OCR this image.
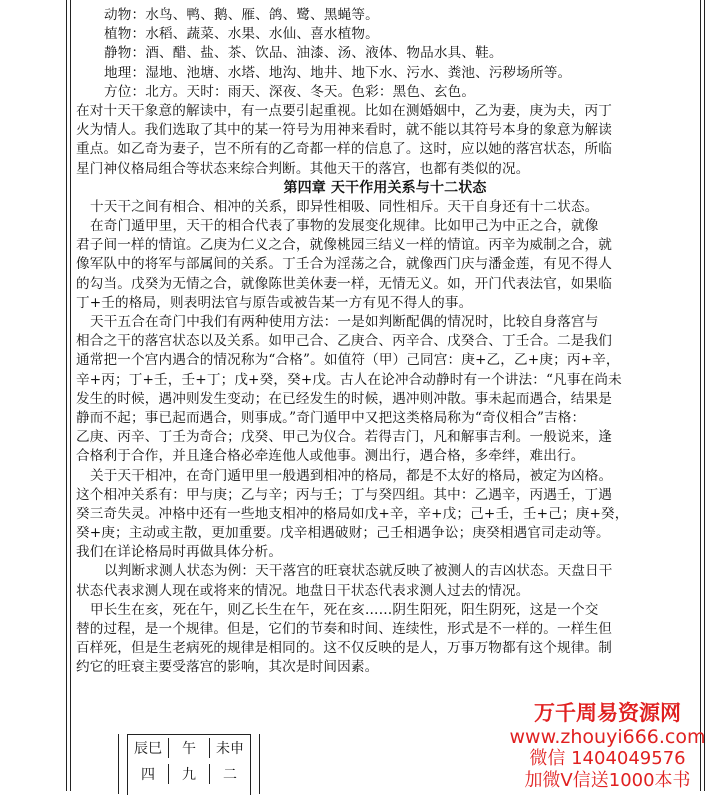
动物：水鸟、鸭、鹅、雁、鸽、鹭、黑蝇等。
植物：水稻、蔬菜、水果、水仙、喜水植物。
静物：酒、醋、盐、茶、饮品、油漆、汤、液体、物品水具、鞋。
地理：湿地、池塘、水塔、地沟、地井、地下水、污水、粪池、污秽场所等。
方位：北方。天时：雨天、深夜、冬天。色彩：黑色、玄色。
在对十天干象意的解读中，有一点要引起重视。比如在测婚姻中，乙为妻，庚为夫，丙丁
火为情人。我们选取了其中的某一符号为用神来看时，就不能以其符号本身的象意为解读
重点。如乙奇为妻子，岂不所有的乙奇都一样的信息了。这时，应以她的落宫状态，所临
星门神仪格局组合等状态来综合判断。其他天干的落宫，也都有类似的况。
第四章 天干作用关系与十二状态
十天干之间有相合、相冲的关系，即异性相吸、同性相斥。天干自身还有十二状态。
在奇门遁甲里，天干的相合代表了事物的发展变化规律。比如甲己为中正之合，就像
君子间一样的情谊。乙庚为仁义之合，就像桃园三结义一样的情谊。丙辛为威制之合，就
像军队中的将军与部属间的关系。丁壬合为淫荡之合，就像西门庆与潘金莲，有见不得人
的勾当。戊癸为无情之合，就像陈世美休妻一样，无情无义。如，开门代表法官，如果临
丁+壬的格局，则表明法官与原告或被告某一方有见不得人的事。
天干五合在奇门中我们有两种使用方法：一是如判断配偶的情况时，比较自身落宫与
相合之干的落宫状态以及关系。如甲己合、乙庚合、丙辛合、戊癸合、丁壬合。二是我们
通常把一个宫内遇合的情况称为“合格”。如值符（甲）己同宫：庚+乙，乙+庚；丙+辛，
辛+丙；丁+壬，壬+丁；戊+癸，癸+戊。古人在论冲合动静时有一个讲法：“凡事在尚未
发生的时候，遇冲则发生变动；在已经发生的时候，遇冲则冲散。事未起而遇合，结果是
静而不起；事已起而遇合，则事成。”奇门遁甲中又把这类格局称为“奇仪相合”吉格：
乙庚、丙辛、丁壬为奇合；戊癸、甲己为仪合。若得吉门，凡和解事吉利。一般说来，逢
合格利于合作，并且逢合格必牵连他人或他事。测出行，遇合格，多牵绊，难出行。
关于天干相冲，在奇门遁甲里一般遇到相冲的格局，都是不太好的格局，被定为凶格。
这个相冲关系有：甲与庚；乙与辛；丙与壬；丁与癸四组。其中：乙遇辛，丙遇壬，丁遇
癸三奇失灵。冲格中还有一些地支相冲的格局如戊+辛，辛+戊；己+壬，壬+己；庚+癸，
癸+庚；主动或主散，更加重要。戊辛相遇破财；己壬相遇争讼；庚癸相遇官司走动等。
我们在详论格局时再做具体分析。
以判断求测人状态为例：天干落宫的旺衰状态就反映了被测人的吉凶状态。天盘日干
状态代表求测人现在或将来的情况。地盘日干状态代表求测人过去的情况。
甲长生在亥，死在午，则乙长生在午，死在亥……阴生阳死，阳生阴死，这是一个交
替的过程，是一个规律。但是，它们的节奏和时间、连续性，形式是不一样的。一样生但
百样死，但是生老病死的规律是相同的。这不仅反映的是人，万事万物都有这个规律。制
约它的旺衰主要受落宫的影响，其次是时间因素。
辰巳	午	未申
四	九	二
万千周易资源网
www.zhouyi666.com
微信 1404049576
加微V信送1000本书
